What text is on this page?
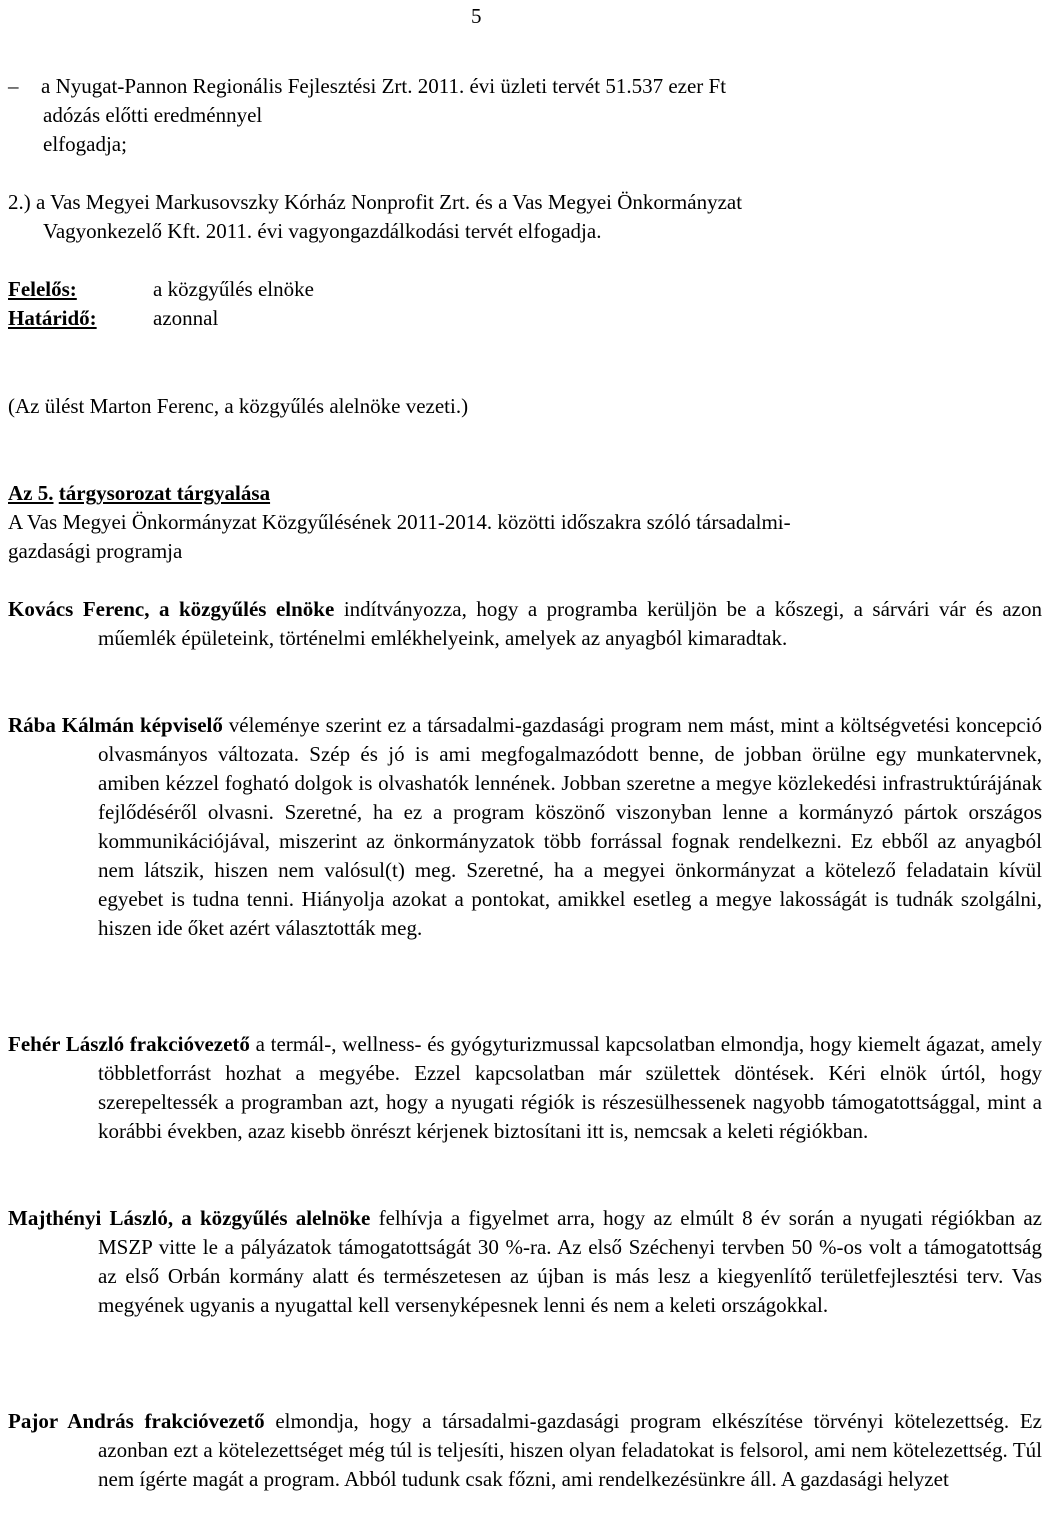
5

– a Nyugat-Pannon Regionális Fejlesztési Zrt. 2011. évi üzleti tervét 51.537 ezer Ft

adózás előtti eredménnyel

elfogadja;

2.) a Vas Megyei Markusovszky Kórház Nonprofit Zrt. és a Vas Megyei Önkormányzat

Vagyonkezelő Kft. 2011. évi vagyongazdálkodási tervét elfogadja.

Felelős:	a közgyűlés elnöke
Határidő:	azonnal
(Az ülést Marton Ferenc, a közgyűlés alelnöke vezeti.)

Az 5. tárgysorozat tárgyalása

A Vas Megyei Önkormányzat Közgyűlésének 2011-2014. közötti időszakra szóló társadalmi-

gazdasági programja

Kovács Ferenc, a közgyűlés elnöke indítványozza, hogy a programba kerüljön be a kőszegi, a sárvári vár és azon műemlék épületeink, történelmi emlékhelyeink, amelyek az anyagból kimaradtak.

Rába Kálmán képviselő véleménye szerint ez a társadalmi-gazdasági program nem mást, mint a költségvetési koncepció olvasmányos változata. Szép és jó is ami megfogalmazódott benne, de jobban örülne egy munkatervnek, amiben kézzel fogható dolgok is olvashatók lennének. Jobban szeretne a megye közlekedési infrastruktúrájának fejlődéséről olvasni. Szeretné, ha ez a program köszönő viszonyban lenne a kormányzó pártok országos kommunikációjával, miszerint az önkormányzatok több forrással fognak rendelkezni. Ez ebből az anyagból nem látszik, hiszen nem valósul(t) meg. Szeretné, ha a megyei önkormányzat a kötelező feladatain kívül egyebet is tudna tenni. Hiányolja azokat a pontokat, amikkel esetleg a megye lakosságát is tudnák szolgálni, hiszen ide őket azért választották meg.

Fehér László frakcióvezető a termál-, wellness- és gyógyturizmussal kapcsolatban elmondja, hogy kiemelt ágazat, amely többletforrást hozhat a megyébe. Ezzel kapcsolatban már születtek döntések. Kéri elnök úrtól, hogy szerepeltessék a programban azt, hogy a nyugati régiók is részesülhessenek nagyobb támogatottsággal, mint a korábbi években, azaz kisebb önrészt kérjenek biztosítani itt is, nemcsak a keleti régiókban.

Majthényi László, a közgyűlés alelnöke felhívja a figyelmet arra, hogy az elmúlt 8 év során a nyugati régiókban az MSZP vitte le a pályázatok támogatottságát 30 %-ra. Az első Széchenyi tervben 50 %-os volt a támogatottság az első Orbán kormány alatt és természetesen az újban is más lesz a kiegyenlítő területfejlesztési terv. Vas megyének ugyanis a nyugattal kell versenyképesnek lenni és nem a keleti országokkal.

Pajor András frakcióvezető elmondja, hogy a társadalmi-gazdasági program elkészítése törvényi kötelezettség. Ez azonban ezt a kötelezettséget még túl is teljesíti, hiszen olyan feladatokat is felsorol, ami nem kötelezettség. Túl nem ígérte magát a program. Abból tudunk csak főzni, ami rendelkezésünkre áll. A gazdasági helyzet
